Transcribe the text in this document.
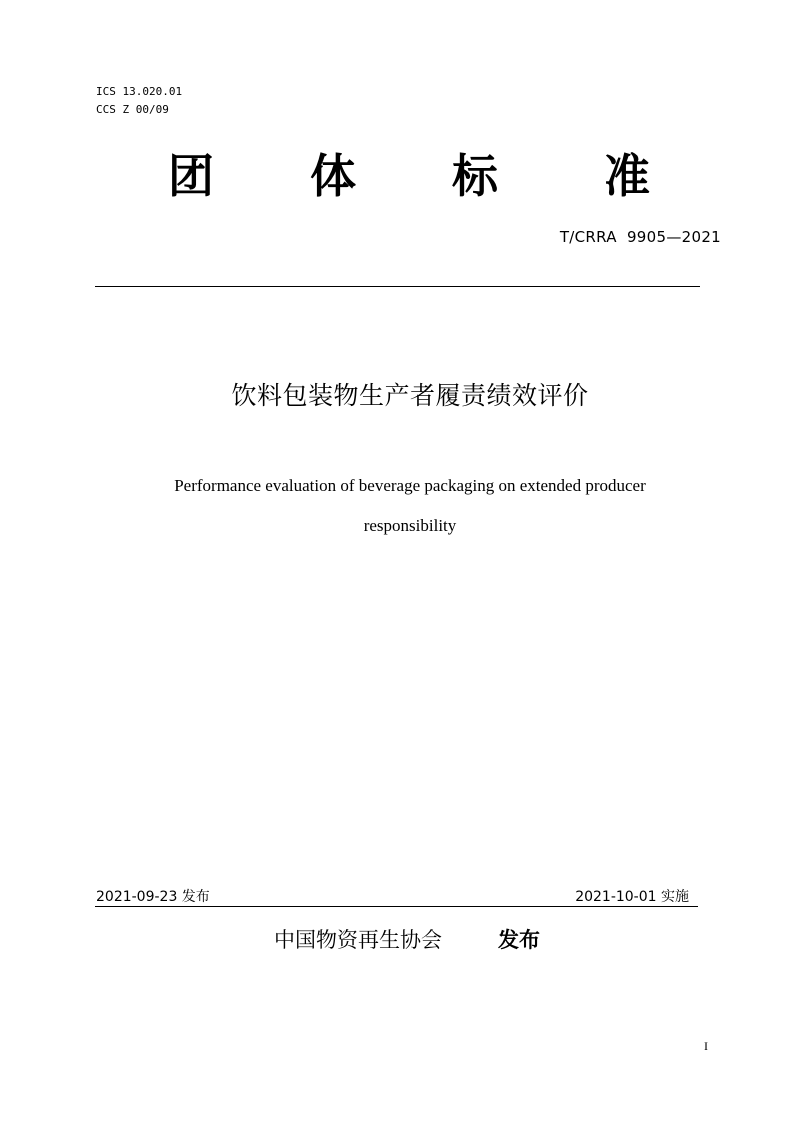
ICS 13.020.01
CCS Z 00/09
团 体 标 准
T/CRRA  9905—2021
饮料包装物生产者履责绩效评价
Performance evaluation of beverage packaging on extended producer
responsibility
2021-09-23 发布	2021-10-01 实施
中国物资再生协会	发布
I
